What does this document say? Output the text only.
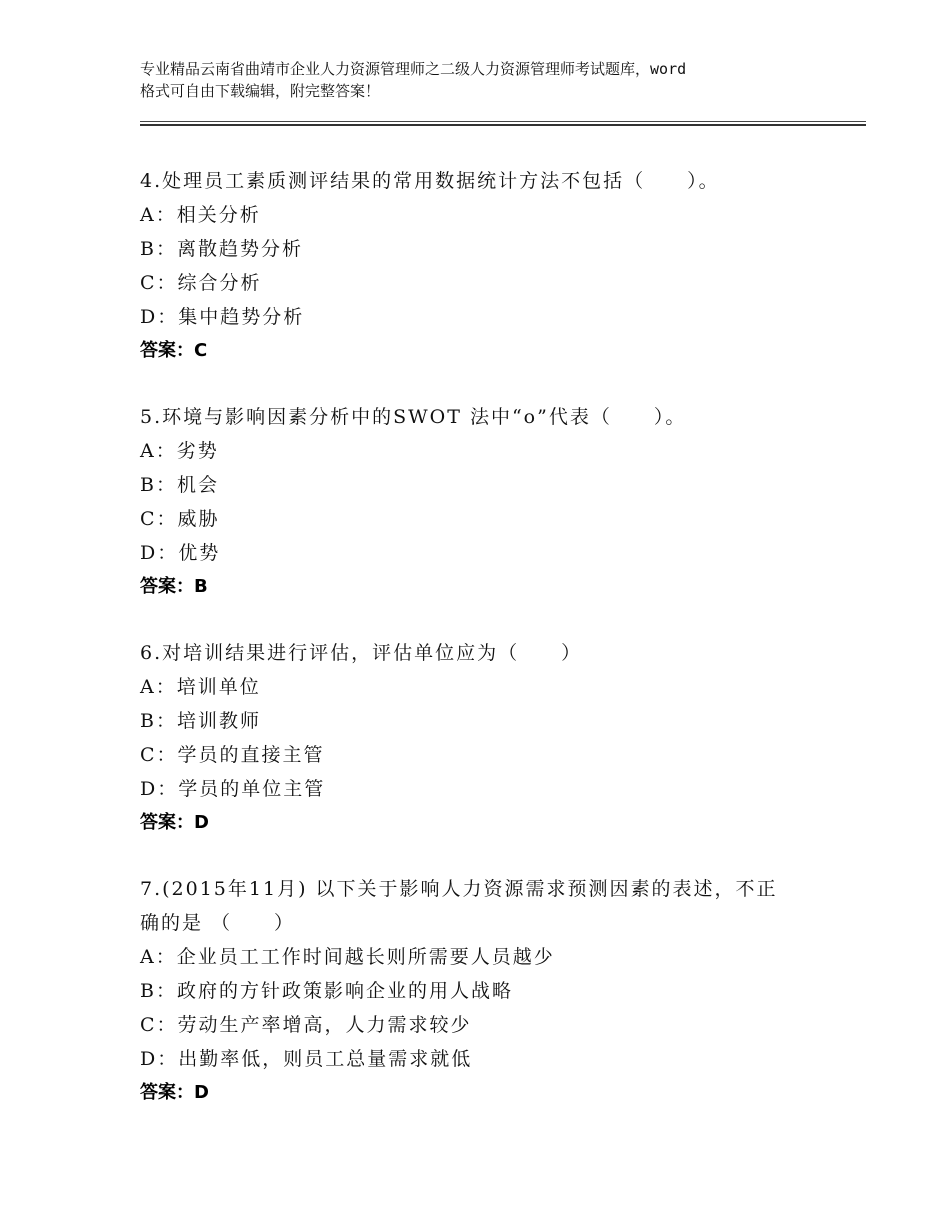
专业精品云南省曲靖市企业人力资源管理师之二级人力资源管理师考试题库，word
格式可自由下载编辑，附完整答案！
4.处理员工素质测评结果的常用数据统计方法不包括（　　）。
A：相关分析
B：离散趋势分析
C：综合分析
D：集中趋势分析
答案：C
5.环境与影响因素分析中的SWOT 法中“o”代表（　　）。
A：劣势
B：机会
C：威胁
D：优势
答案：B
6.对培训结果进行评估，评估单位应为（　　）
A：培训单位
B：培训教师
C：学员的直接主管
D：学员的单位主管
答案：D
7.(2015年11月) 以下关于影响人力资源需求预测因素的表述，不正
确的是 （　　）
A：企业员工工作时间越长则所需要人员越少
B：政府的方针政策影响企业的用人战略
C：劳动生产率增高，人力需求较少
D：出勤率低，则员工总量需求就低
答案：D
